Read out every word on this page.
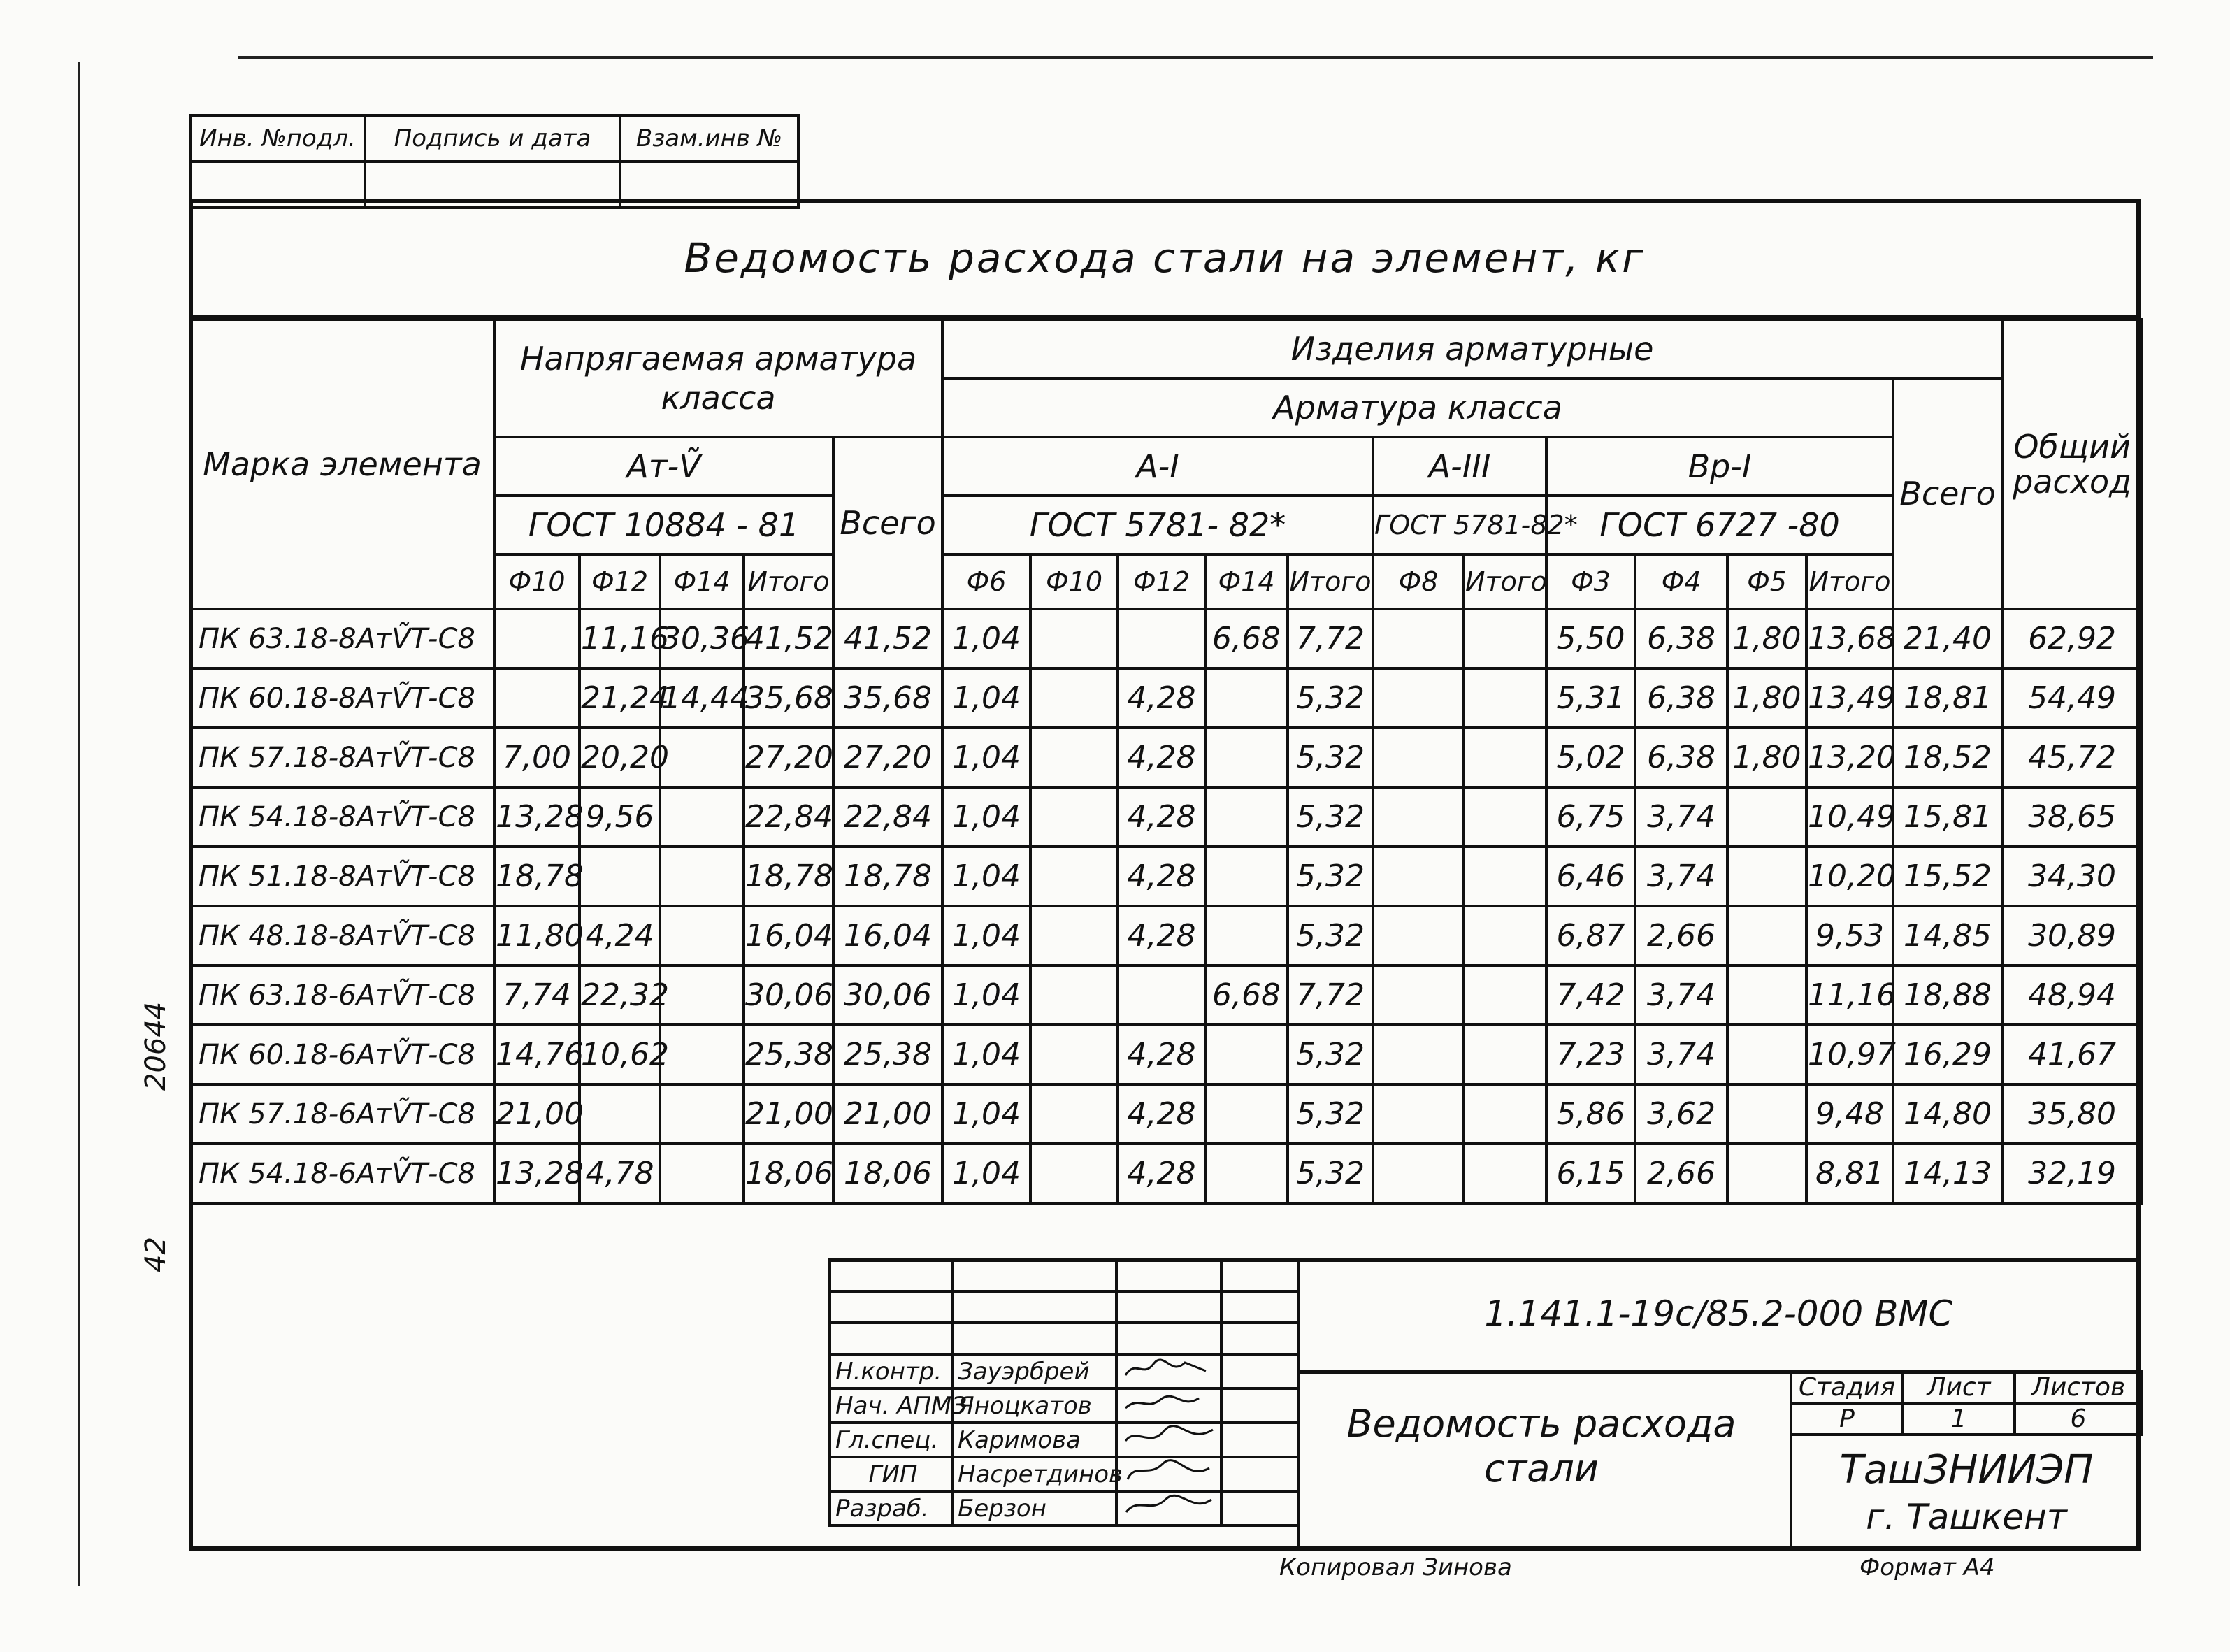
20644
42
Инв. №подл.	Подпись и дата	Взам.инв №

Ведомость расхода стали на элемент, кг
Марка элемента	Напрягаемая арматура класса					Изделия арматурные												Общий расход
						Арматура класса											Всего	
	Ат-Ṽ				Всего	A-I					A-III		Bp-I					
	ГОСТ 10884 - 81					ГОСТ 5781- 82*					ГОСТ 5781-82*		ГОСТ 6727 -80					
	Ф10	Ф12	Ф14	Итого		Ф6	Ф10	Ф12	Ф14	Итого	Ф8	Итого	Ф3	Ф4	Ф5	Итого		
ПК 63.18-8АтṼТ-С8		11,16	30,36	41,52	41,52	1,04			6,68	7,72			5,50	6,38	1,80	13,68	21,40	62,92
ПК 60.18-8АтṼТ-С8		21,24	14,44	35,68	35,68	1,04		4,28		5,32			5,31	6,38	1,80	13,49	18,81	54,49
ПК 57.18-8АтṼТ-С8	7,00	20,20		27,20	27,20	1,04		4,28		5,32			5,02	6,38	1,80	13,20	18,52	45,72
ПК 54.18-8АтṼТ-С8	13,28	9,56		22,84	22,84	1,04		4,28		5,32			6,75	3,74		10,49	15,81	38,65
ПК 51.18-8АтṼТ-С8	18,78			18,78	18,78	1,04		4,28		5,32			6,46	3,74		10,20	15,52	34,30
ПК 48.18-8АтṼТ-С8	11,80	4,24		16,04	16,04	1,04		4,28		5,32			6,87	2,66		9,53	14,85	30,89
ПК 63.18-6АтṼТ-С8	7,74	22,32		30,06	30,06	1,04			6,68	7,72			7,42	3,74		11,16	18,88	48,94
ПК 60.18-6АтṼТ-С8	14,76	10,62		25,38	25,38	1,04		4,28		5,32			7,23	3,74		10,97	16,29	41,67
ПК 57.18-6АтṼТ-С8	21,00			21,00	21,00	1,04		4,28		5,32			5,86	3,62		9,48	14,80	35,80
ПК 54.18-6АтṼТ-С8	13,28	4,78		18,06	18,06	1,04		4,28		5,32			6,15	2,66		8,81	14,13	32,19
1.141.1-19с/85.2-000 ВМС

Н.контр.	Зауэрбрей		
Нач. АПМЗ	Яноцкатов		
Гл.спец.	Каримова		
ГИП	Насретдинов		
Разраб.	Берзон		
Ведомость расхода стали
Стадия	Лист	Листов
Р	1	6
ТашЗНИИЭП
г. Ташкент
Копировал Зинова	Формат А4
